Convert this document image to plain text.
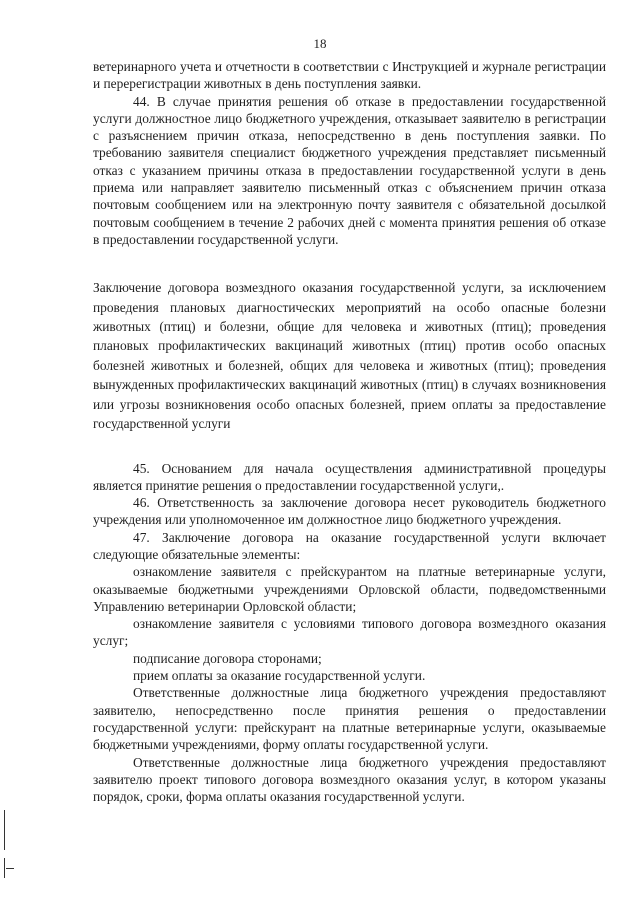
18

ветеринарного учета и отчетности в соответствии с Инструкцией и журнале регистрации и перерегистрации животных в день поступления заявки.

44. В случае принятия решения об отказе в предоставлении государственной услуги должностное лицо бюджетного учреждения, отказывает заявителю в регистрации с разъяснением причин отказа, непосредственно в день поступления заявки. По требованию заявителя специалист бюджетного учреждения представляет письменный отказ с указанием причины отказа в предоставлении государственной услуги в день приема или направляет заявителю письменный отказ с объяснением причин отказа почтовым сообщением или на электронную почту заявителя с обязательной досылкой почтовым сообщением в течение 2 рабочих дней с момента принятия решения об отказе в предоставлении государственной услуги.

Заключение договора возмездного оказания государственной услуги, за исключением проведения плановых диагностических мероприятий на особо опасные болезни животных (птиц) и болезни, общие для человека и животных (птиц); проведения плановых профилактических вакцинаций животных (птиц) против особо опасных болезней животных и болезней, общих для человека и животных (птиц); проведения вынужденных профилактических вакцинаций животных (птиц) в случаях возникновения или угрозы возникновения особо опасных болезней, прием оплаты за предоставление государственной услуги

45. Основанием для начала осуществления административной процедуры является принятие решения о предоставлении государственной услуги,.

46. Ответственность за заключение договора несет руководитель бюджетного учреждения или уполномоченное им должностное лицо бюджетного учреждения.

47. Заключение договора на оказание государственной услуги включает следующие обязательные элементы:

ознакомление заявителя с прейскурантом на платные ветеринарные услуги, оказываемые бюджетными учреждениями Орловской области, подведомственными Управлению ветеринарии Орловской области;

ознакомление заявителя с условиями типового договора возмездного оказания услуг;

подписание договора сторонами;

прием оплаты за оказание государственной услуги.

Ответственные должностные лица бюджетного учреждения предоставляют заявителю, непосредственно после принятия решения о предоставлении государственной услуги: прейскурант на платные ветеринарные услуги, оказываемые бюджетными учреждениями, форму оплаты государственной услуги.

Ответственные должностные лица бюджетного учреждения предоставляют заявителю проект типового договора возмездного оказания услуг, в котором указаны порядок, сроки, форма оплаты оказания государственной услуги.
